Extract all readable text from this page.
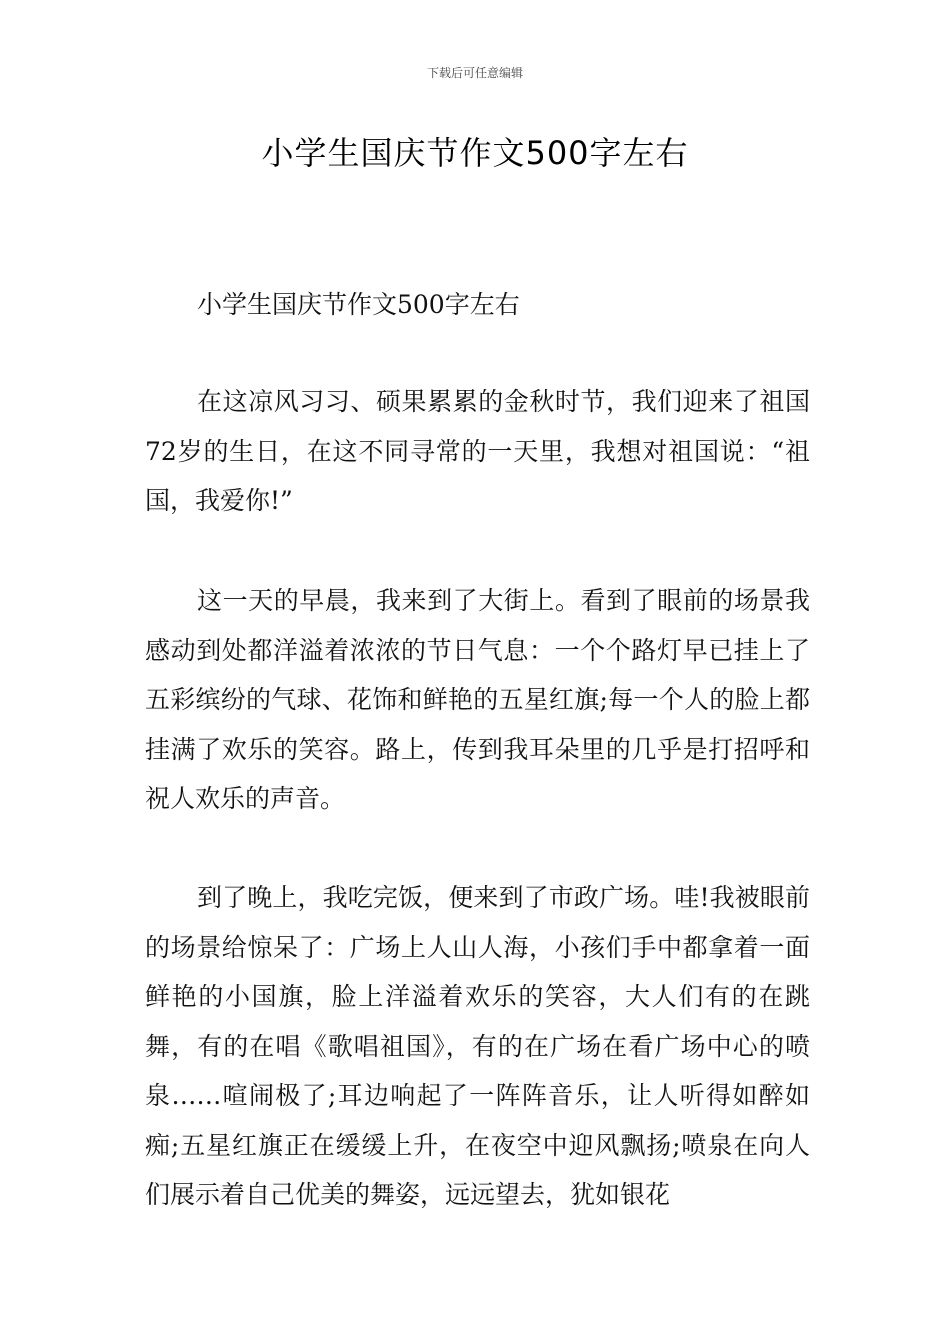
下载后可任意编辑
小学生国庆节作文500字左右

小学生国庆节作文500字左右

在这凉风习习、硕果累累的金秋时节，我们迎来了祖国72岁的生日，在这不同寻常的一天里，我想对祖国说：“祖国，我爱你!”

这一天的早晨，我来到了大街上。看到了眼前的场景我感动到处都洋溢着浓浓的节日气息：一个个路灯早已挂上了五彩缤纷的气球、花饰和鲜艳的五星红旗;每一个人的脸上都挂满了欢乐的笑容。路上，传到我耳朵里的几乎是打招呼和祝人欢乐的声音。

到了晚上，我吃完饭，便来到了市政广场。哇!我被眼前的场景给惊呆了：广场上人山人海，小孩们手中都拿着一面鲜艳的小国旗，脸上洋溢着欢乐的笑容，大人们有的在跳舞，有的在唱《歌唱祖国》，有的在广场在看广场中心的喷泉……喧闹极了;耳边响起了一阵阵音乐，让人听得如醉如痴;五星红旗正在缓缓上升，在夜空中迎风飘扬;喷泉在向人们展示着自己优美的舞姿，远远望去，犹如银花
